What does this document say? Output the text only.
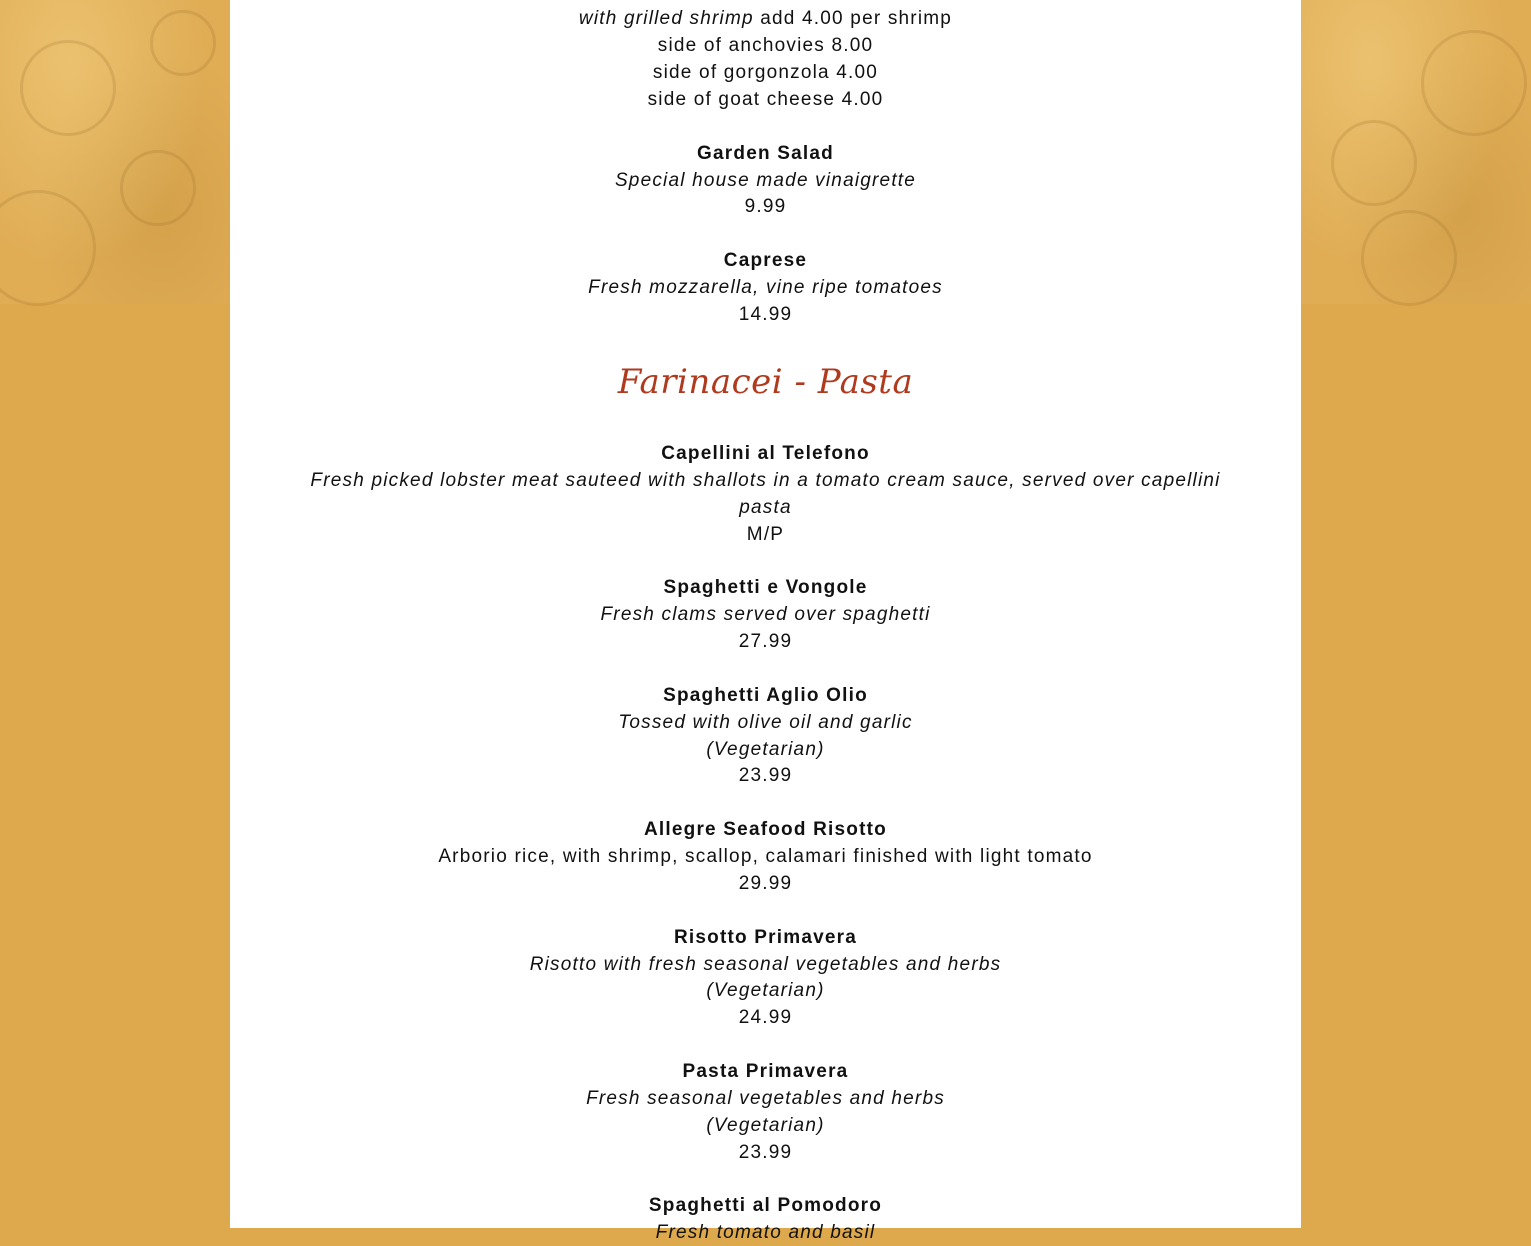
with grilled shrimp add 4.00 per shrimp
side of anchovies 8.00
side of gorgonzola 4.00
side of goat cheese 4.00
Garden Salad
Special house made vinaigrette
9.99
Caprese
Fresh mozzarella, vine ripe tomatoes
14.99
Farinacei - Pasta
Capellini al Telefono
Fresh picked lobster meat sauteed with shallots in a tomato cream sauce, served over capellini pasta
M/P
Spaghetti e Vongole
Fresh clams served over spaghetti
27.99
Spaghetti Aglio Olio
Tossed with olive oil and garlic
(Vegetarian)
23.99
Allegre Seafood Risotto
Arborio rice, with shrimp, scallop, calamari finished with light tomato
29.99
Risotto Primavera
Risotto with fresh seasonal vegetables and herbs
(Vegetarian)
24.99
Pasta Primavera
Fresh seasonal vegetables and herbs
(Vegetarian)
23.99
Spaghetti al Pomodoro
Fresh tomato and basil
